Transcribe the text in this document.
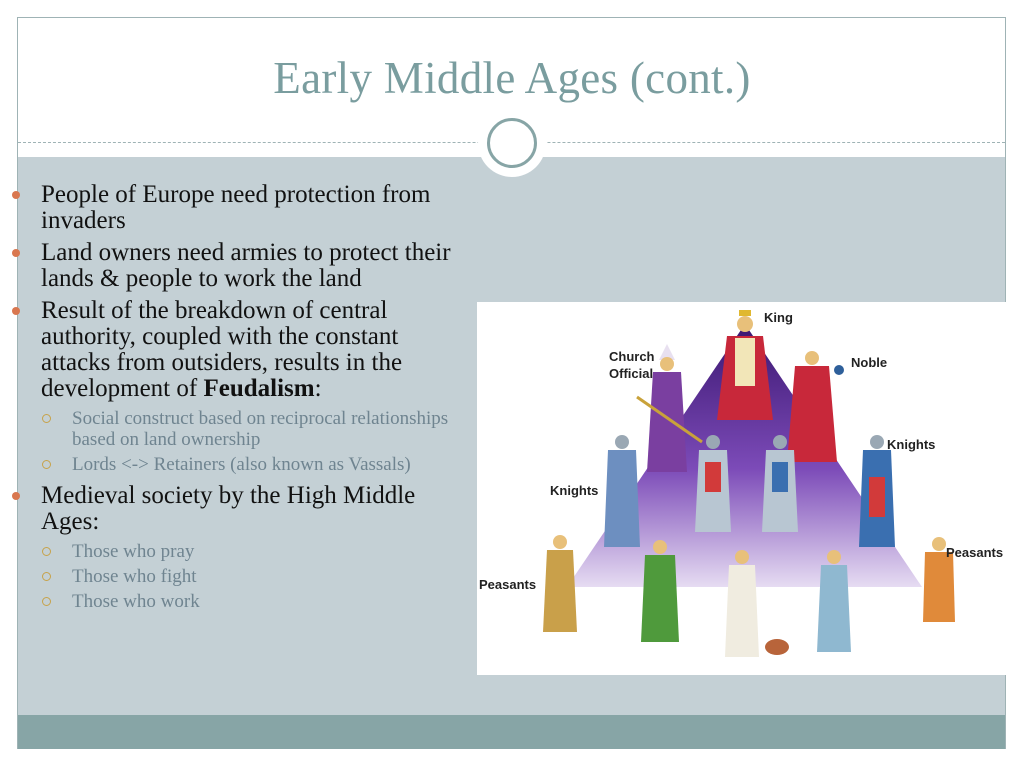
Early Middle Ages (cont.)
People of Europe need protection from invaders
Land owners need armies to protect their lands & people to work the land
Result of the breakdown of central authority, coupled with the constant attacks from outsiders, results in the development of Feudalism:
Social construct based on reciprocal relationships based on land ownership
Lords <-> Retainers (also known as Vassals)
Medieval society by the High Middle Ages:
Those who pray
Those who fight
Those who work
King
Church
Official
Noble
Knights
Knights
Peasants
Peasants
